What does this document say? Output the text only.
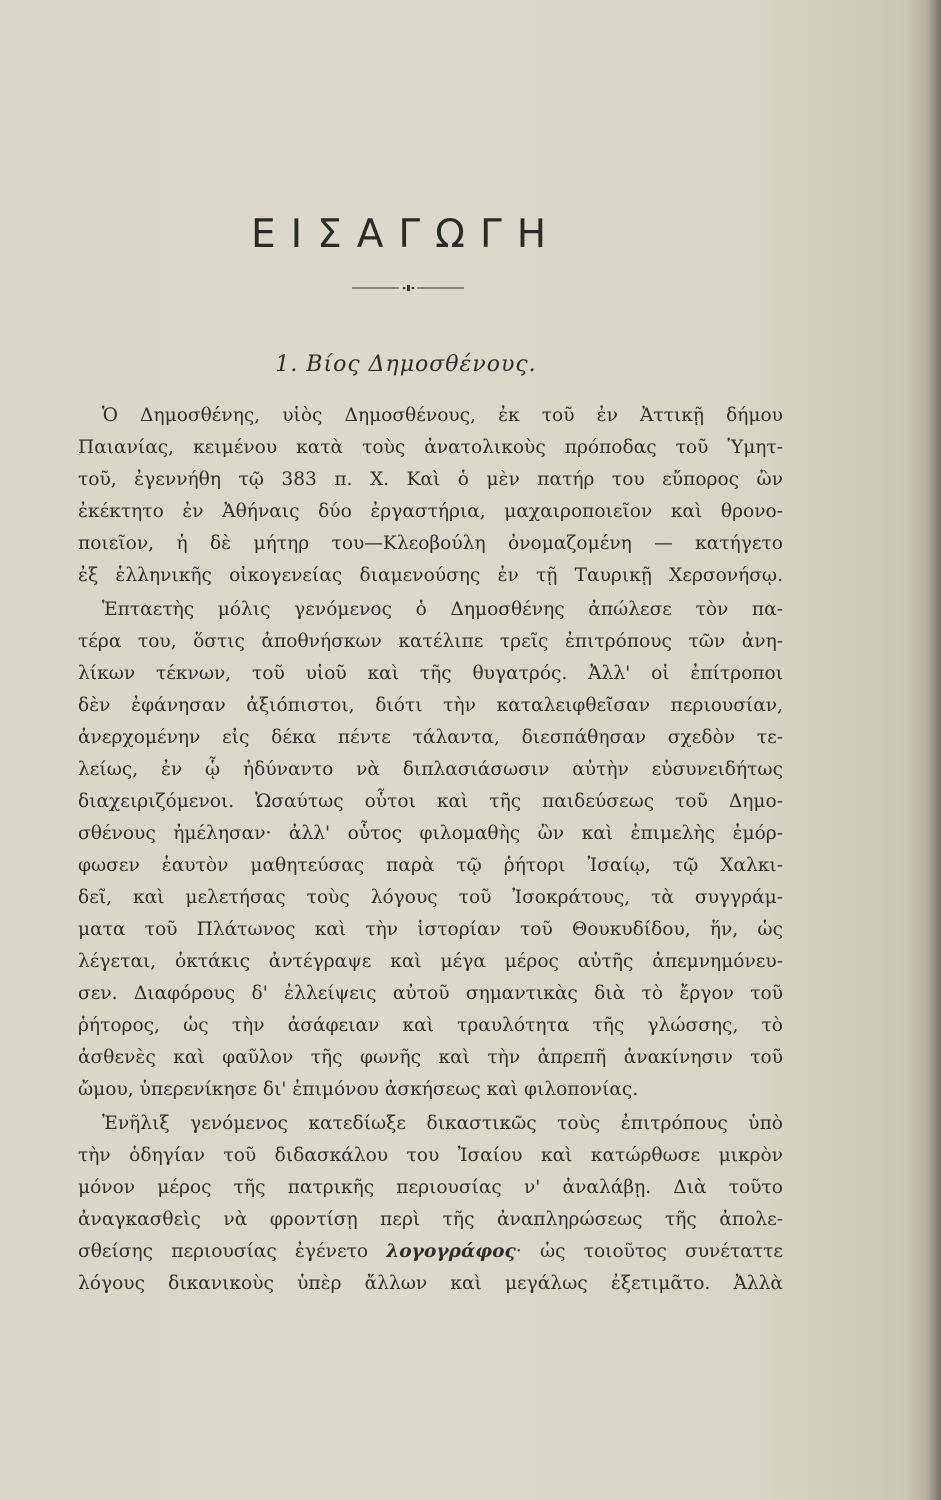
ΕΙΣΑΓΩΓΗ
1. Βίος Δημοσθένους.
Ὁ Δημοσθένης, υἱὸς Δημοσθένους, ἐκ τοῦ ἐν Ἀττικῇ δήμου
Παιανίας, κειμένου κατὰ τοὺς ἀνατολικοὺς πρόποδας τοῦ Ὑμητ-
τοῦ, ἐγεννήθη τῷ 383 π. Χ. Καὶ ὁ μὲν πατήρ του εὔπορος ὢν
ἐκέκτητο ἐν Ἀθήναις δύο ἐργαστήρια, μαχαιροποιεῖον καὶ θρονο-
ποιεῖον, ἡ δὲ μήτηρ του—Κλεοβούλη ὀνομαζομένη — κατήγετο
ἐξ ἑλληνικῆς οἰκογενείας διαμενούσης ἐν τῇ Ταυρικῇ Χερσονήσῳ.
Ἑπταετὴς μόλις γενόμενος ὁ Δημοσθένης ἀπώλεσε τὸν πα-
τέρα του, ὅστις ἀποθνήσκων κατέλιπε τρεῖς ἐπιτρόπους τῶν ἀνη-
λίκων τέκνων, τοῦ υἱοῦ καὶ τῆς θυγατρός. Ἀλλ' οἱ ἐπίτροποι
δὲν ἐφάνησαν ἀξιόπιστοι, διότι τὴν καταλειφθεῖσαν περιουσίαν,
ἀνερχομένην εἰς δέκα πέντε τάλαντα, διεσπάθησαν σχεδὸν τε-
λείως, ἐν ᾧ ἠδύναντο νὰ διπλασιάσωσιν αὐτὴν εὐσυνειδήτως
διαχειριζόμενοι. Ὡσαύτως οὗτοι καὶ τῆς παιδεύσεως τοῦ Δημο-
σθένους ἠμέλησαν· ἀλλ' οὗτος φιλομαθὴς ὢν καὶ ἐπιμελὴς ἐμόρ-
φωσεν ἑαυτὸν μαθητεύσας παρὰ τῷ ῥήτορι Ἰσαίῳ, τῷ Χαλκι-
δεῖ, καὶ μελετήσας τοὺς λόγους τοῦ Ἰσοκράτους, τὰ συγγράμ-
ματα τοῦ Πλάτωνος καὶ τὴν ἱστορίαν τοῦ Θουκυδίδου, ἥν, ὡς
λέγεται, ὀκτάκις ἀντέγραψε καὶ μέγα μέρος αὐτῆς ἀπεμνημόνευ-
σεν. Διαφόρους δ' ἐλλείψεις αὐτοῦ σημαντικὰς διὰ τὸ ἔργον τοῦ
ῥήτορος, ὡς τὴν ἀσάφειαν καὶ τραυλότητα τῆς γλώσσης, τὸ
ἀσθενὲς καὶ φαῦλον τῆς φωνῆς καὶ τὴν ἀπρεπῆ ἀνακίνησιν τοῦ
ὤμου, ὑπερενίκησε δι' ἐπιμόνου ἀσκήσεως καὶ φιλοπονίας.
Ἐνῆλιξ γενόμενος κατεδίωξε δικαστικῶς τοὺς ἐπιτρόπους ὑπὸ
τὴν ὁδηγίαν τοῦ διδασκάλου του Ἰσαίου καὶ κατώρθωσε μικρὸν
μόνον μέρος τῆς πατρικῆς περιουσίας ν' ἀναλάβῃ. Διὰ τοῦτο
ἀναγκασθεὶς νὰ φροντίσῃ περὶ τῆς ἀναπληρώσεως τῆς ἀπολε-
σθείσης περιουσίας ἐγένετο λογογράφος· ὡς τοιοῦτος συνέταττε
λόγους δικανικοὺς ὑπὲρ ἄλλων καὶ μεγάλως ἐξετιμᾶτο. Ἀλλὰ
